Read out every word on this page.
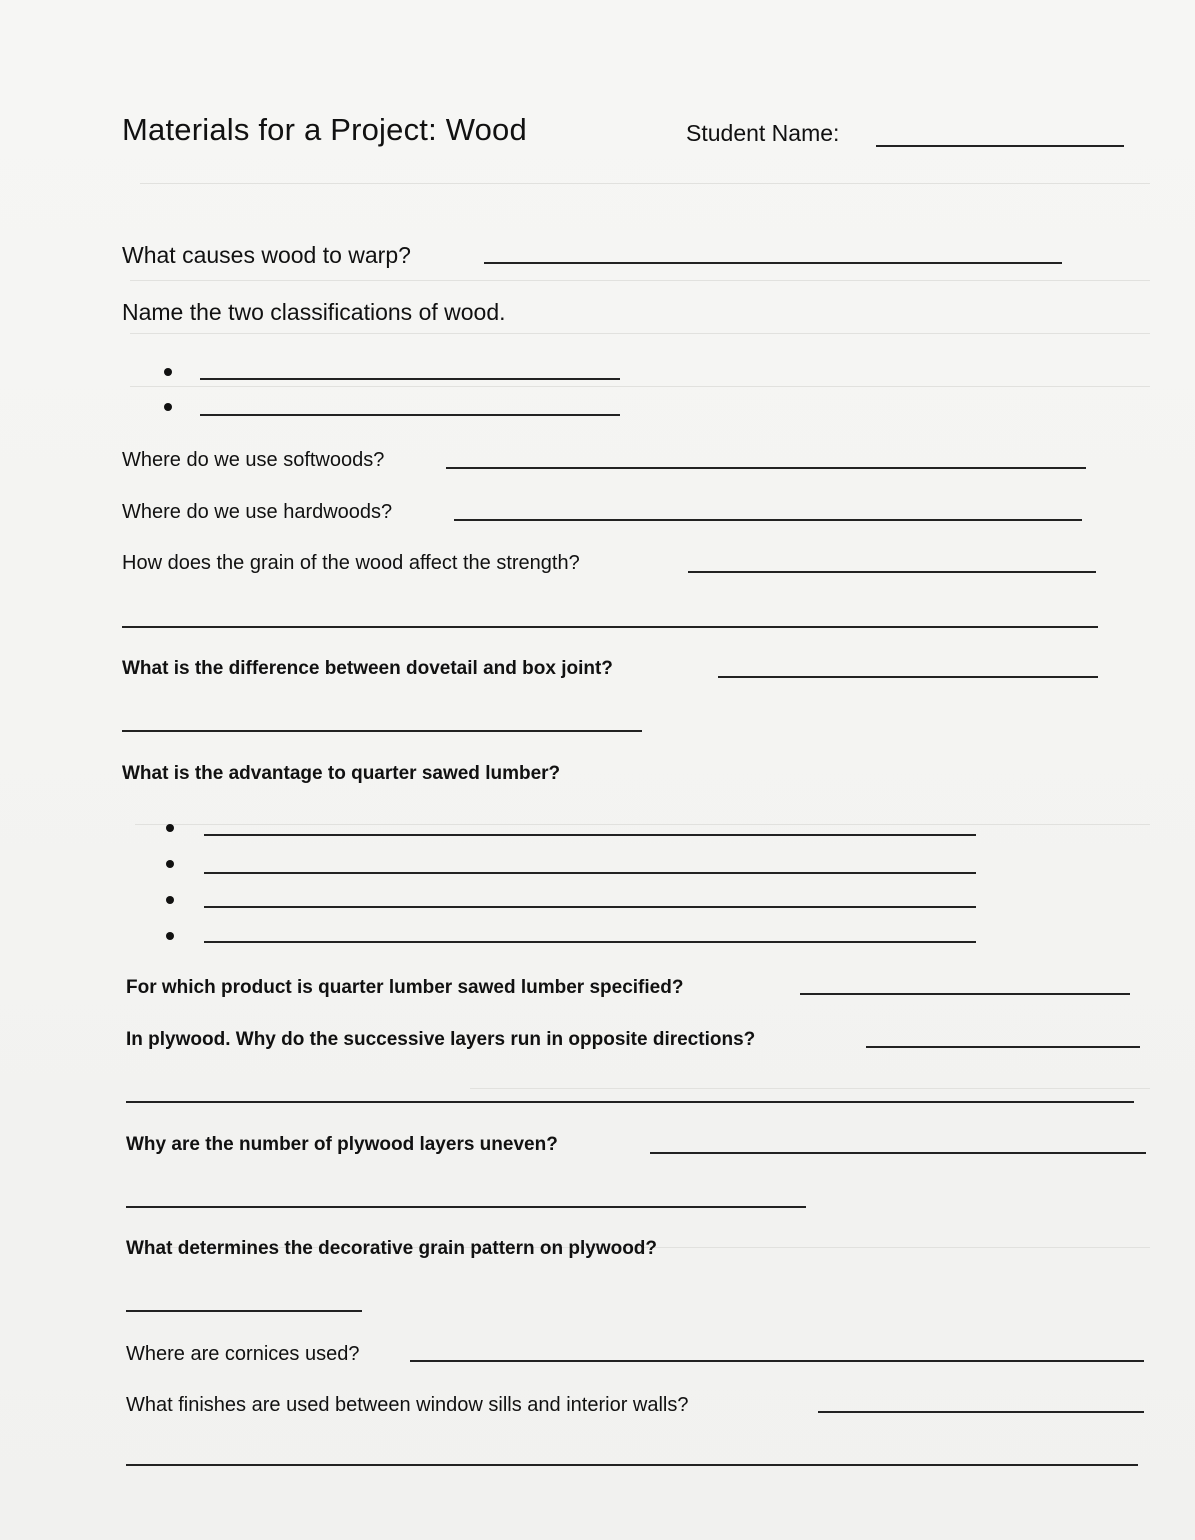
Materials for a Project: Wood	Student Name:
What causes wood to warp?
Name the two classifications of wood.
Where do we use softwoods?
Where do we use hardwoods?
How does the grain of the wood affect the strength?
What is the difference between dovetail and box joint?
What is the advantage to quarter sawed lumber?
For which product is quarter lumber sawed lumber specified?
In plywood. Why do the successive layers run in opposite directions?
Why are the number of plywood layers uneven?
What determines the decorative grain pattern on plywood?
Where are cornices used?
What finishes are used between window sills and interior walls?
